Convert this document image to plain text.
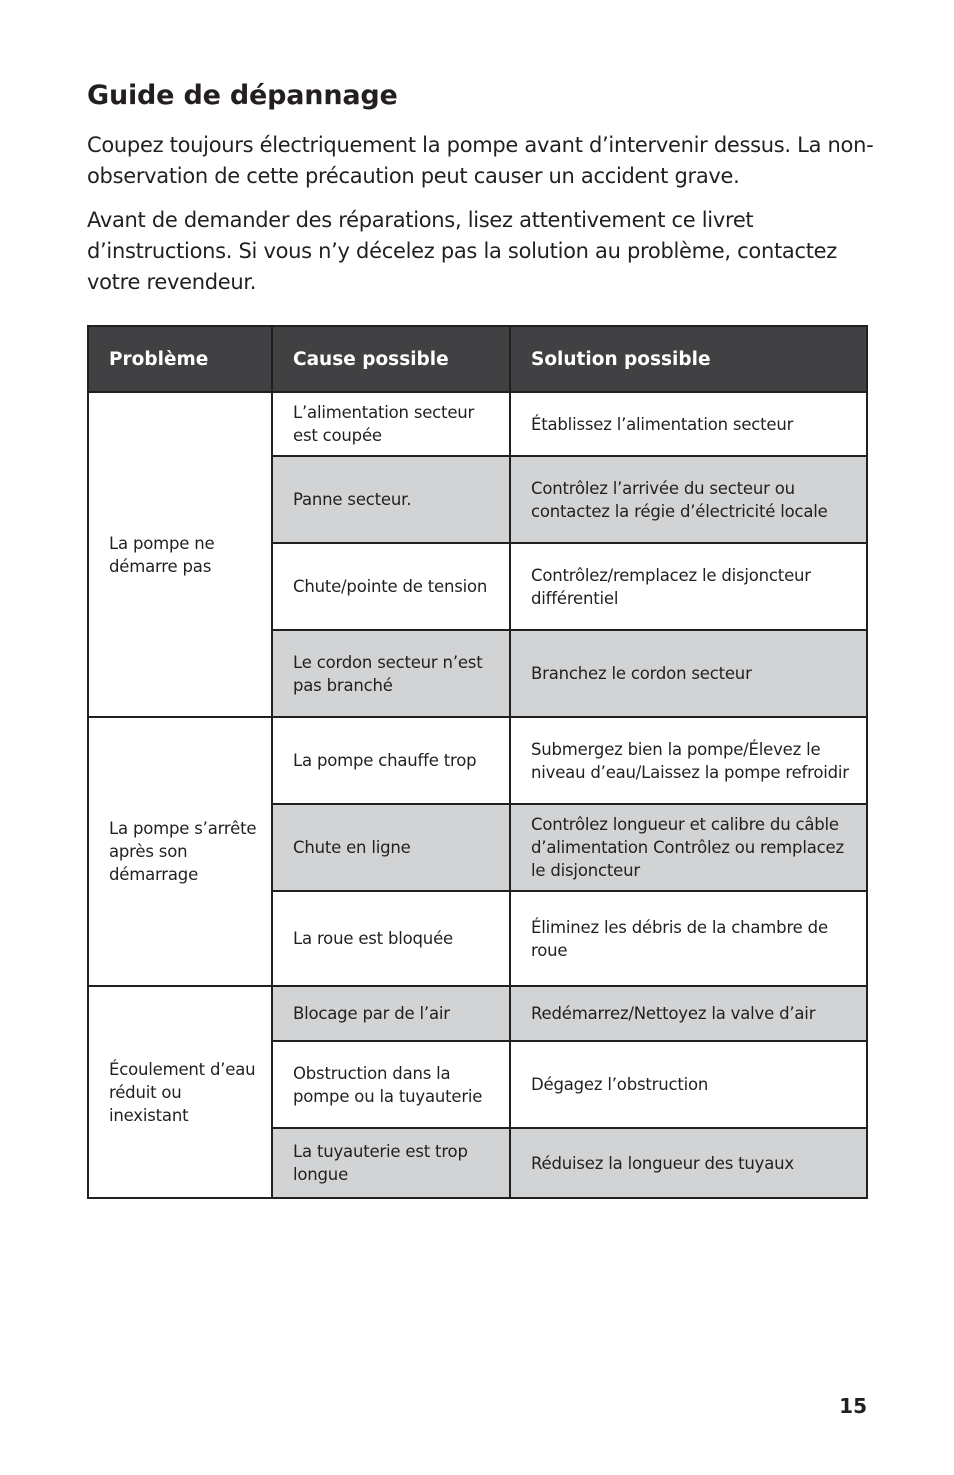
Guide de dépannage

Coupez toujours électriquement la pompe avant d’intervenir dessus. La non-observation de cette précaution peut causer un accident grave.

Avant de demander des réparations, lisez attentivement ce livret d’instructions. Si vous n’y décelez pas la solution au problème, contactez votre revendeur.

Problème	Cause possible	Solution possible
La pompe ne démarre pas	L’alimentation secteur est coupée	Établissez l’alimentation secteur
	Panne secteur.	Contrôlez l’arrivée du secteur ou contactez la régie d’électricité locale
	Chute/pointe de tension	Contrôlez/remplacez le disjoncteur différentiel
	Le cordon secteur n’est pas branché	Branchez le cordon secteur
La pompe s’arrête après son démarrage	La pompe chauffe trop	Submergez bien la pompe/Élevez le niveau d’eau/Laissez la pompe refroidir
	Chute en ligne	Contrôlez longueur et calibre du câble d’alimentation Contrôlez ou remplacez le disjoncteur
	La roue est bloquée	Éliminez les débris de la chambre de roue
Écoulement d’eau réduit ou inexistant	Blocage par de l’air	Redémarrez/Nettoyez la valve d’air
	Obstruction dans la pompe ou la tuyauterie	Dégagez l’obstruction
	La tuyauterie est trop longue	Réduisez la longueur des tuyaux
15
